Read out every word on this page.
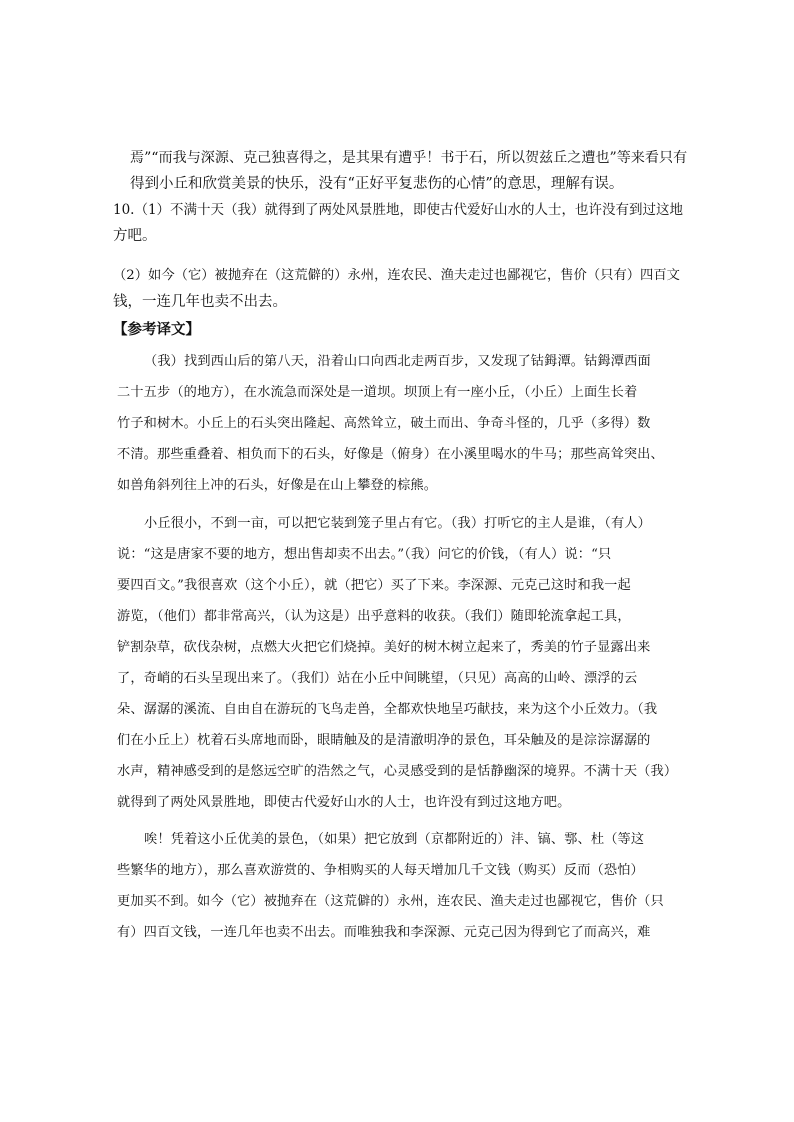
焉”“而我与深源、克己独喜得之，是其果有遭乎！书于石，所以贺兹丘之遭也”等来看只有

得到小丘和欣赏美景的快乐，没有“正好平复悲伤的心情”的意思，理解有误。

10.（1）不满十天（我）就得到了两处风景胜地，即使古代爱好山水的人士，也许没有到过这地

方吧。

（2）如今（它）被抛弃在（这荒僻的）永州，连农民、渔夫走过也鄙视它，售价（只有）四百文

钱，一连几年也卖不出去。

【参考译文】

（我）找到西山后的第八天，沿着山口向西北走两百步，又发现了钴鉧潭。钴鉧潭西面

二十五步（的地方），在水流急而深处是一道坝。坝顶上有一座小丘，（小丘）上面生长着

竹子和树木。小丘上的石头突出隆起、高然耸立，破土而出、争奇斗怪的，几乎（多得）数

不清。那些重叠着、相负而下的石头，好像是（俯身）在小溪里喝水的牛马；那些高耸突出、

如兽角斜列往上冲的石头，好像是在山上攀登的棕熊。

小丘很小，不到一亩，可以把它装到笼子里占有它。（我）打听它的主人是谁，（有人）

说：“这是唐家不要的地方，想出售却卖不出去。”（我）问它的价钱，（有人）说：“只

要四百文。”我很喜欢（这个小丘），就（把它）买了下来。李深源、元克己这时和我一起

游览，（他们）都非常高兴，（认为这是）出乎意料的收获。（我们）随即轮流拿起工具，

铲割杂草，砍伐杂树，点燃大火把它们烧掉。美好的树木树立起来了，秀美的竹子显露出来

了，奇峭的石头呈现出来了。（我们）站在小丘中间眺望，（只见）高高的山岭、漂浮的云

朵、潺潺的溪流、自由自在游玩的飞鸟走兽，全都欢快地呈巧献技，来为这个小丘效力。（我

们在小丘上）枕着石头席地而卧，眼睛触及的是清澈明净的景色，耳朵触及的是淙淙潺潺的

水声，精神感受到的是悠远空旷的浩然之气，心灵感受到的是恬静幽深的境界。不满十天（我）

就得到了两处风景胜地，即使古代爱好山水的人士，也许没有到过这地方吧。

唉！凭着这小丘优美的景色，（如果）把它放到（京都附近的）沣、镐、鄠、杜（等这

些繁华的地方），那么喜欢游赏的、争相购买的人每天增加几千文钱（购买）反而（恐怕）

更加买不到。如今（它）被抛弃在（这荒僻的）永州，连农民、渔夫走过也鄙视它，售价（只

有）四百文钱，一连几年也卖不出去。而唯独我和李深源、元克己因为得到它了而高兴，难
